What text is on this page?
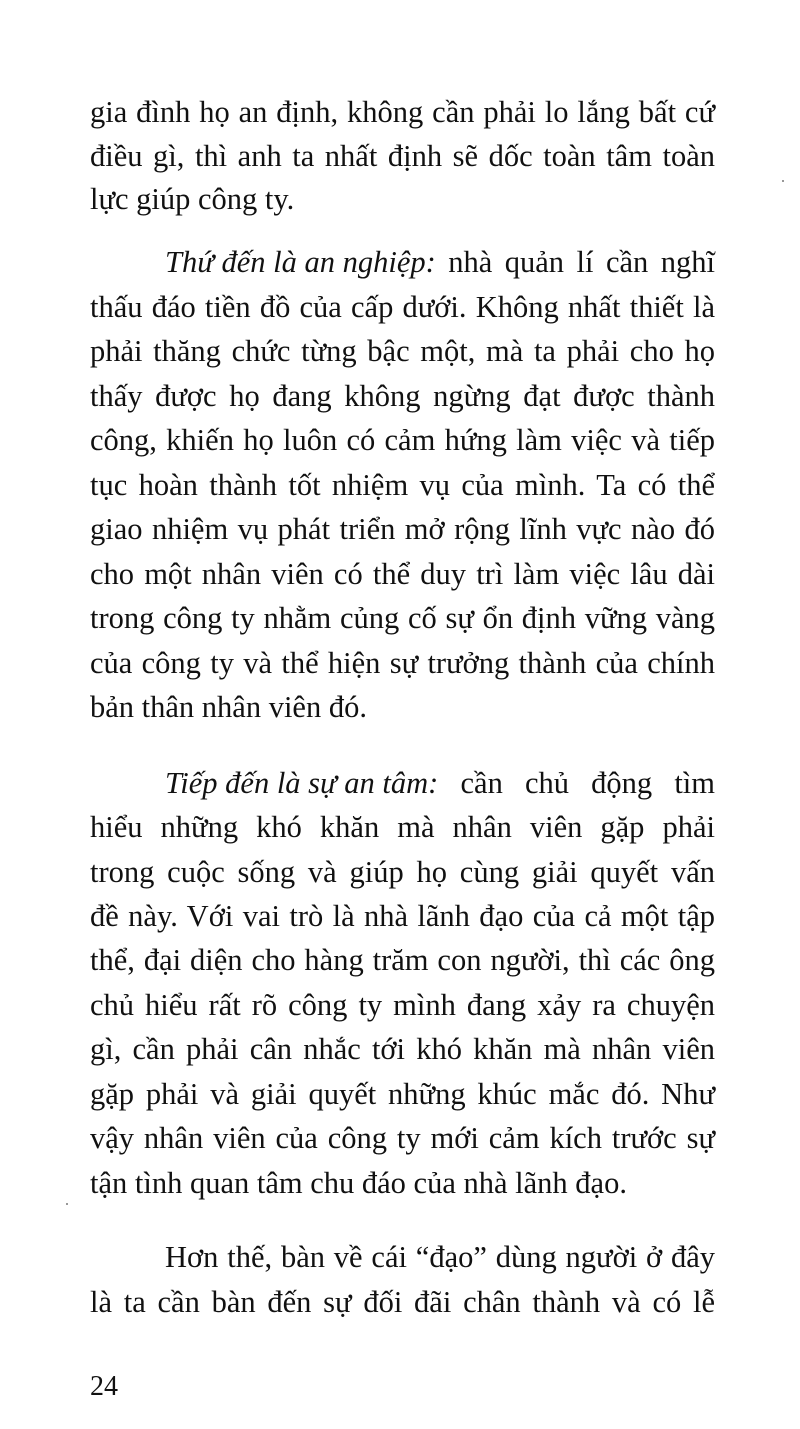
gia đình họ an định, không cần phải lo lắng bất cứ
điều gì, thì anh ta nhất định sẽ dốc toàn tâm toàn
lực giúp công ty.
Thứ đến là an nghiệp: nhà quản lí cần nghĩ
thấu đáo tiền đồ của cấp dưới. Không nhất thiết là
phải thăng chức từng bậc một, mà ta phải cho họ
thấy được họ đang không ngừng đạt được thành
công, khiến họ luôn có cảm hứng làm việc và tiếp
tục hoàn thành tốt nhiệm vụ của mình. Ta có thể
giao nhiệm vụ phát triển mở rộng lĩnh vực nào đó
cho một nhân viên có thể duy trì làm việc lâu dài
trong công ty nhằm củng cố sự ổn định vững vàng
của công ty và thể hiện sự trưởng thành của chính
bản thân nhân viên đó.
Tiếp đến là sự an tâm: cần chủ động tìm
hiểu những khó khăn mà nhân viên gặp phải
trong cuộc sống và giúp họ cùng giải quyết vấn
đề này. Với vai trò là nhà lãnh đạo của cả một tập
thể, đại diện cho hàng trăm con người, thì các ông
chủ hiểu rất rõ công ty mình đang xảy ra chuyện
gì, cần phải cân nhắc tới khó khăn mà nhân viên
gặp phải và giải quyết những khúc mắc đó. Như
vậy nhân viên của công ty mới cảm kích trước sự
tận tình quan tâm chu đáo của nhà lãnh đạo.
Hơn thế, bàn về cái “đạo” dùng người ở đây
là ta cần bàn đến sự đối đãi chân thành và có lễ
24
